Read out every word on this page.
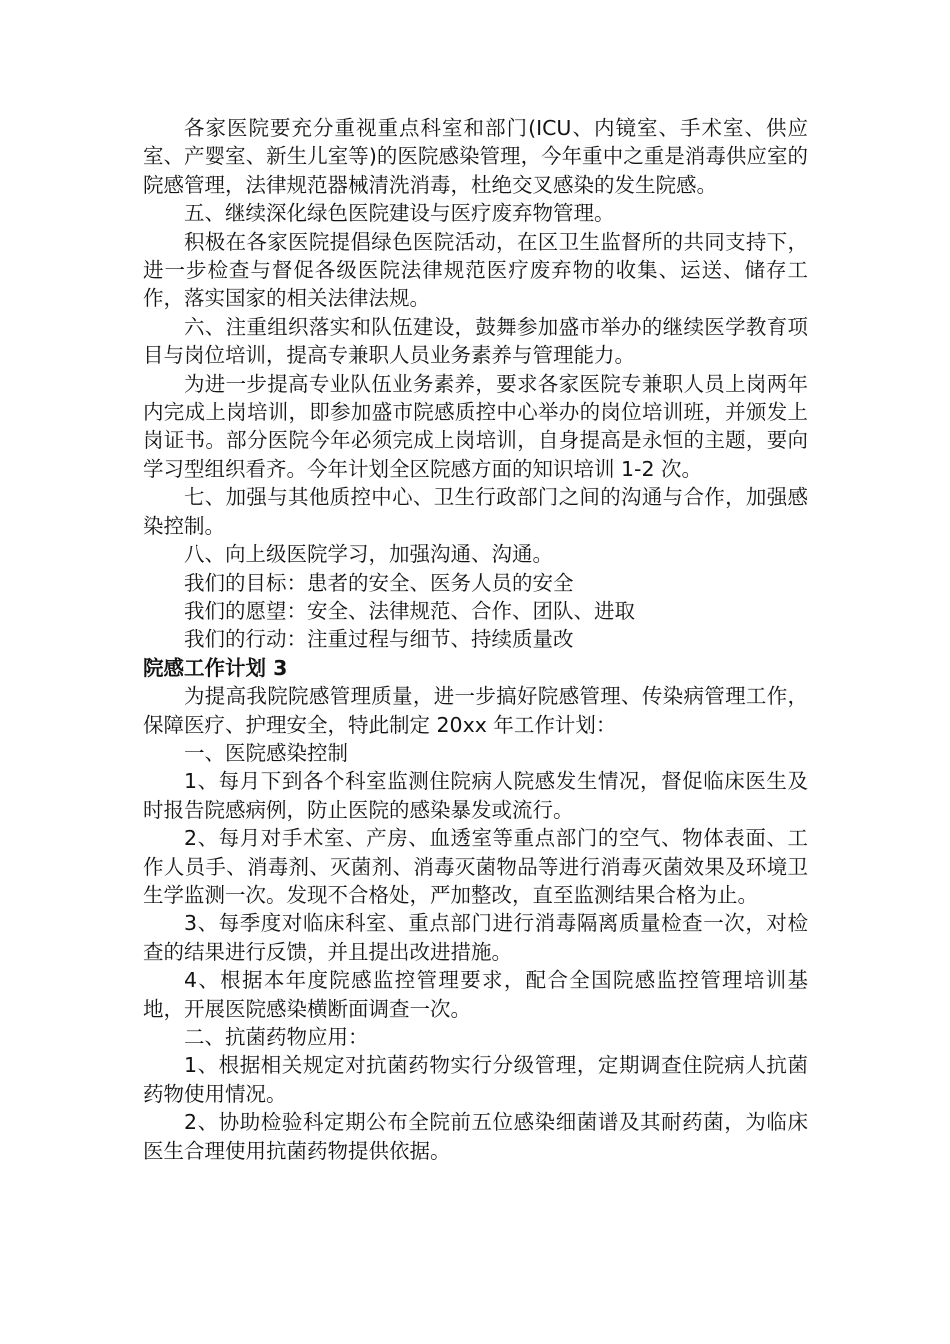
各家医院要充分重视重点科室和部门(ICU、内镜室、手术室、供应室、产婴室、新生儿室等)的医院感染管理，今年重中之重是消毒供应室的院感管理，法律规范器械清洗消毒，杜绝交叉感染的发生院感。

五、继续深化绿色医院建设与医疗废弃物管理。

积极在各家医院提倡绿色医院活动，在区卫生监督所的共同支持下，进一步检查与督促各级医院法律规范医疗废弃物的收集、运送、储存工作，落实国家的相关法律法规。

六、注重组织落实和队伍建设，鼓舞参加盛市举办的继续医学教育项目与岗位培训，提高专兼职人员业务素养与管理能力。

为进一步提高专业队伍业务素养，要求各家医院专兼职人员上岗两年内完成上岗培训，即参加盛市院感质控中心举办的岗位培训班，并颁发上岗证书。部分医院今年必须完成上岗培训，自身提高是永恒的主题，要向学习型组织看齐。今年计划全区院感方面的知识培训 1-2 次。

七、加强与其他质控中心、卫生行政部门之间的沟通与合作，加强感染控制。

八、向上级医院学习，加强沟通、沟通。

我们的目标：患者的安全、医务人员的安全

我们的愿望：安全、法律规范、合作、团队、进取

我们的行动：注重过程与细节、持续质量改

院感工作计划 3

为提高我院院感管理质量，进一步搞好院感管理、传染病管理工作，保障医疗、护理安全，特此制定 20xx 年工作计划：

一、医院感染控制

1、每月下到各个科室监测住院病人院感发生情况，督促临床医生及时报告院感病例，防止医院的感染暴发或流行。

2、每月对手术室、产房、血透室等重点部门的空气、物体表面、工作人员手、消毒剂、灭菌剂、消毒灭菌物品等进行消毒灭菌效果及环境卫生学监测一次。发现不合格处，严加整改，直至监测结果合格为止。

3、每季度对临床科室、重点部门进行消毒隔离质量检查一次，对检查的结果进行反馈，并且提出改进措施。

4、根据本年度院感监控管理要求，配合全国院感监控管理培训基地，开展医院感染横断面调查一次。

二、抗菌药物应用：

1、根据相关规定对抗菌药物实行分级管理，定期调查住院病人抗菌药物使用情况。

2、协助检验科定期公布全院前五位感染细菌谱及其耐药菌，为临床医生合理使用抗菌药物提供依据。
